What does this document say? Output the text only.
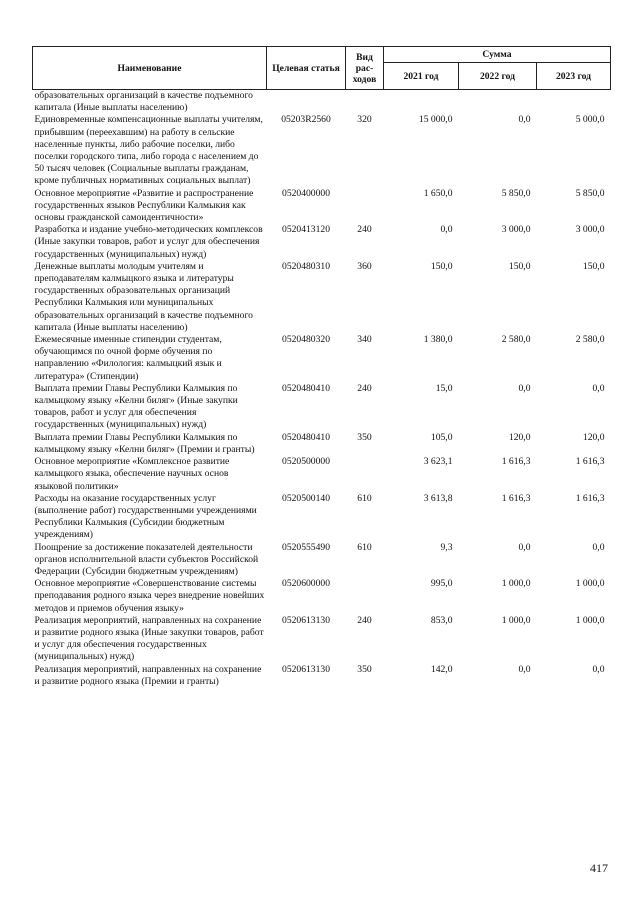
Наименование	Целевая статья	Вид рас-ходов	Сумма		
			2021 год	2022 год	2023 год
образовательных организаций в качестве подъемного капитала (Иные выплаты населению)					
Единовременные компенсационные выплаты учителям, прибывшим (переехавшим) на работу в сельские населенные пункты, либо рабочие поселки, либо поселки городского типа, либо города с населением до 50 тысяч человек (Социальные выплаты гражданам, кроме публичных нормативных социальных выплат)	05203R2560	320	15 000,0	0,0	5 000,0
Основное мероприятие «Развитие и распространение государственных языков Республики Калмыкия как основы гражданской самоидентичности»	0520400000		1 650,0	5 850,0	5 850,0
Разработка и издание учебно-методических комплексов (Иные закупки товаров, работ и услуг для обеспечения государственных (муниципальных) нужд)	0520413120	240	0,0	3 000,0	3 000,0
Денежные выплаты молодым учителям и преподавателям калмыцкого языка и литературы государственных образовательных организаций Республики Калмыкия или муниципальных образовательных организаций в качестве подъемного капитала (Иные выплаты населению)	0520480310	360	150,0	150,0	150,0
Ежемесячные именные стипендии студентам, обучающимся по очной форме обучения по направлению «Филология: калмыцкий язык и литература» (Стипендии)	0520480320	340	1 380,0	2 580,0	2 580,0
Выплата премии Главы Республики Калмыкия по калмыцкому языку «Келни биляг» (Иные закупки товаров, работ и услуг для обеспечения государственных (муниципальных) нужд)	0520480410	240	15,0	0,0	0,0
Выплата премии Главы Республики Калмыкия по калмыцкому языку «Келни биляг» (Премии и гранты)	0520480410	350	105,0	120,0	120,0
Основное мероприятие «Комплексное развитие калмыцкого языка, обеспечение научных основ языковой политики»	0520500000		3 623,1	1 616,3	1 616,3
Расходы на оказание государственных услуг (выполнение работ) государственными учреждениями Республики Калмыкия (Субсидии бюджетным учреждениям)	0520500140	610	3 613,8	1 616,3	1 616,3
Поощрение за достижение показателей деятельности органов исполнительной власти субъектов Российской Федерации (Субсидии бюджетным учреждениям)	0520555490	610	9,3	0,0	0,0
Основное мероприятие «Совершенствование системы преподавания родного языка через внедрение новейших методов и приемов обучения языку»	0520600000		995,0	1 000,0	1 000,0
Реализация мероприятий, направленных на сохранение и развитие родного языка (Иные закупки товаров, работ и услуг для обеспечения государственных (муниципальных) нужд)	0520613130	240	853,0	1 000,0	1 000,0
Реализация мероприятий, направленных на сохранение и развитие родного языка (Премии и гранты)	0520613130	350	142,0	0,0	0,0
417
